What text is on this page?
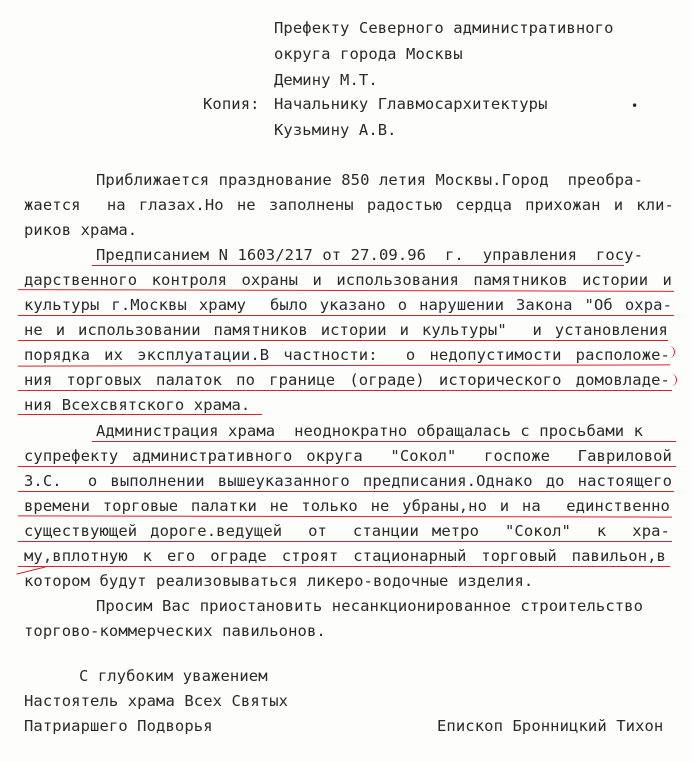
Префекту Северного административного
округа города Москвы
Демину М.Т.
Копия: Начальнику Главмосархитектуры
Кузьмину А.В.
•
Приближается празднование 850 летия Москвы.Город  преобра-
жается  на глазах.Но не заполнены радостью сердца прихожан и кли-
риков храма.
Предписанием N 1603/217 от 27.09.96  г.  управления  госу-
дарственного контроля охраны и использования памятников истории и
культуры г.Москвы храму  было указано о нарушении Закона "Об охра-
не и использовании памятников истории и культуры"  и установления
порядка их эксплуатации.В частности:  о недопустимости расположе-
ния торговых палаток по границе (ограде) исторического домовладе-
ния Всехсвятского храма.
Администрация храма  неоднократно обращалась с просьбами к
супрефекту административного округа  "Сокол"  госпоже  Гавриловой
З.С.  о выполнении вышеуказанного предписания.Однако до настоящего
времени торговые палатки не только не убраны,но и на  единственно
существующей дороге.ведущей  от  станции метро  "Сокол"  к  хра-
му,вплотную к его ограде строят стационарный торговый павильон,в
котором будут реализовываться ликеро-водочные изделия.
Просим Вас приостановить несанкционированное строительство
торгово-коммерческих павильонов.
С глубоким уважением
Настоятель храма Всех Святых
Патриаршего Подворья	Епископ Бронницкий Тихон
